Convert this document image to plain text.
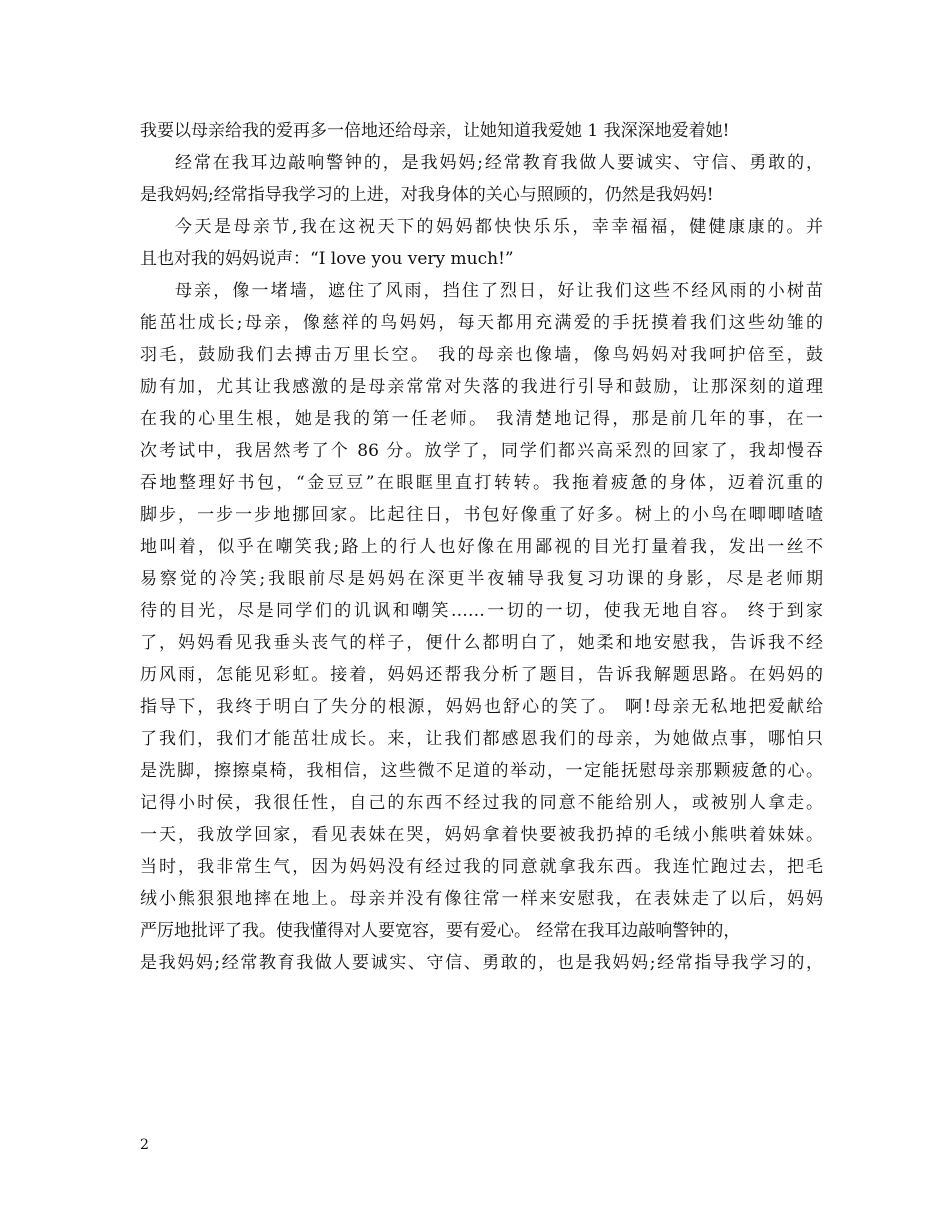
我要以母亲给我的爱再多一倍地还给母亲，让她知道我爱她 1 我深深地爱着她!
经常在我耳边敲响警钟的，是我妈妈;经常教育我做人要诚实、守信、勇敢的，
是我妈妈;经常指导我学习的上进，对我身体的关心与照顾的，仍然是我妈妈!
今天是母亲节,我在这祝天下的妈妈都快快乐乐，幸幸福福，健健康康的。并
且也对我的妈妈说声：“I love you very much!”
母亲，像一堵墙，遮住了风雨，挡住了烈日，好让我们这些不经风雨的小树苗
能茁壮成长;母亲，像慈祥的鸟妈妈，每天都用充满爱的手抚摸着我们这些幼雏的
羽毛，鼓励我们去搏击万里长空。 我的母亲也像墙，像鸟妈妈对我呵护倍至，鼓
励有加，尤其让我感激的是母亲常常对失落的我进行引导和鼓励，让那深刻的道理
在我的心里生根，她是我的第一任老师。 我清楚地记得，那是前几年的事，在一
次考试中，我居然考了个 86 分。放学了，同学们都兴高采烈的回家了，我却慢吞
吞地整理好书包，“金豆豆”在眼眶里直打转转。我拖着疲惫的身体，迈着沉重的
脚步，一步一步地挪回家。比起往日，书包好像重了好多。树上的小鸟在唧唧喳喳
地叫着，似乎在嘲笑我;路上的行人也好像在用鄙视的目光打量着我，发出一丝不
易察觉的冷笑;我眼前尽是妈妈在深更半夜辅导我复习功课的身影，尽是老师期
待的目光，尽是同学们的讥讽和嘲笑……一切的一切，使我无地自容。 终于到家
了，妈妈看见我垂头丧气的样子，便什么都明白了，她柔和地安慰我，告诉我不经
历风雨，怎能见彩虹。接着，妈妈还帮我分析了题目，告诉我解题思路。在妈妈的
指导下，我终于明白了失分的根源，妈妈也舒心的笑了。 啊!母亲无私地把爱献给
了我们，我们才能茁壮成长。来，让我们都感恩我们的母亲，为她做点事，哪怕只
是洗脚，擦擦桌椅，我相信，这些微不足道的举动，一定能抚慰母亲那颗疲惫的心。
记得小时侯，我很任性，自己的东西不经过我的同意不能给别人，或被别人拿走。
一天，我放学回家，看见表妹在哭，妈妈拿着快要被我扔掉的毛绒小熊哄着妹妹。
当时，我非常生气，因为妈妈没有经过我的同意就拿我东西。我连忙跑过去，把毛
绒小熊狠狠地摔在地上。母亲并没有像往常一样来安慰我，在表妹走了以后，妈妈
严厉地批评了我。使我懂得对人要宽容，要有爱心。 经常在我耳边敲响警钟的，
是我妈妈;经常教育我做人要诚实、守信、勇敢的，也是我妈妈;经常指导我学习的，
2
